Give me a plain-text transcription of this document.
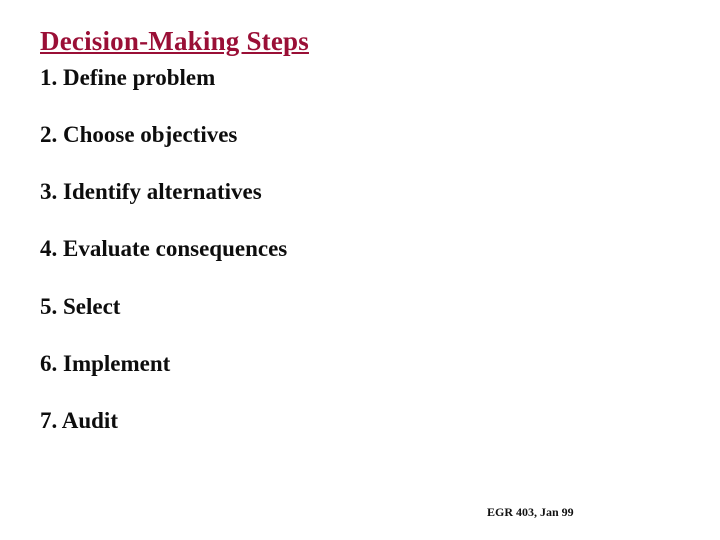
Decision-Making Steps
1. Define problem
2. Choose objectives
3. Identify alternatives
4. Evaluate consequences
5. Select
6. Implement
7. Audit
EGR 403, Jan 99
